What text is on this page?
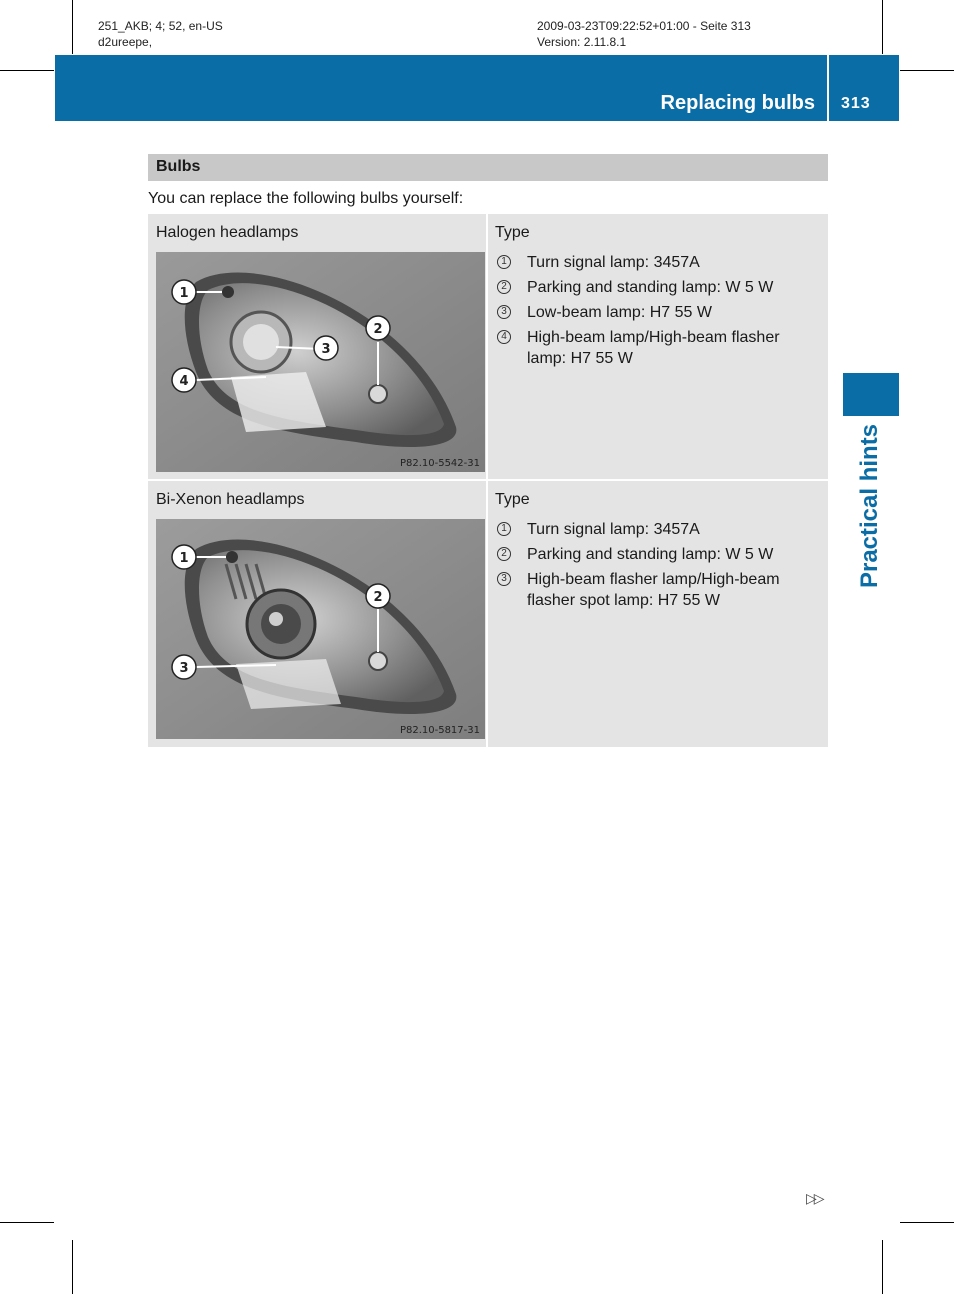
251_AKB; 4; 52, en-US
d2ureepe,
2009-03-23T09:22:52+01:00 - Seite 313
Version: 2.11.8.1
Replacing bulbs 313
Practical hints
Bulbs
You can replace the following bulbs yourself:
Halogen headlamps
1
2
3
4
P82.10-5542-31
Type
1 Turn signal lamp: 3457A
2 Parking and standing lamp: W 5 W
3 Low-beam lamp: H7 55 W
4 High-beam lamp/High-beam flasher lamp: H7 55 W
Bi-Xenon headlamps
1
2
3
P82.10-5817-31
Type
1 Turn signal lamp: 3457A
2 Parking and standing lamp: W 5 W
3 High-beam flasher lamp/High-beam flasher spot lamp: H7 55 W
▷▷
